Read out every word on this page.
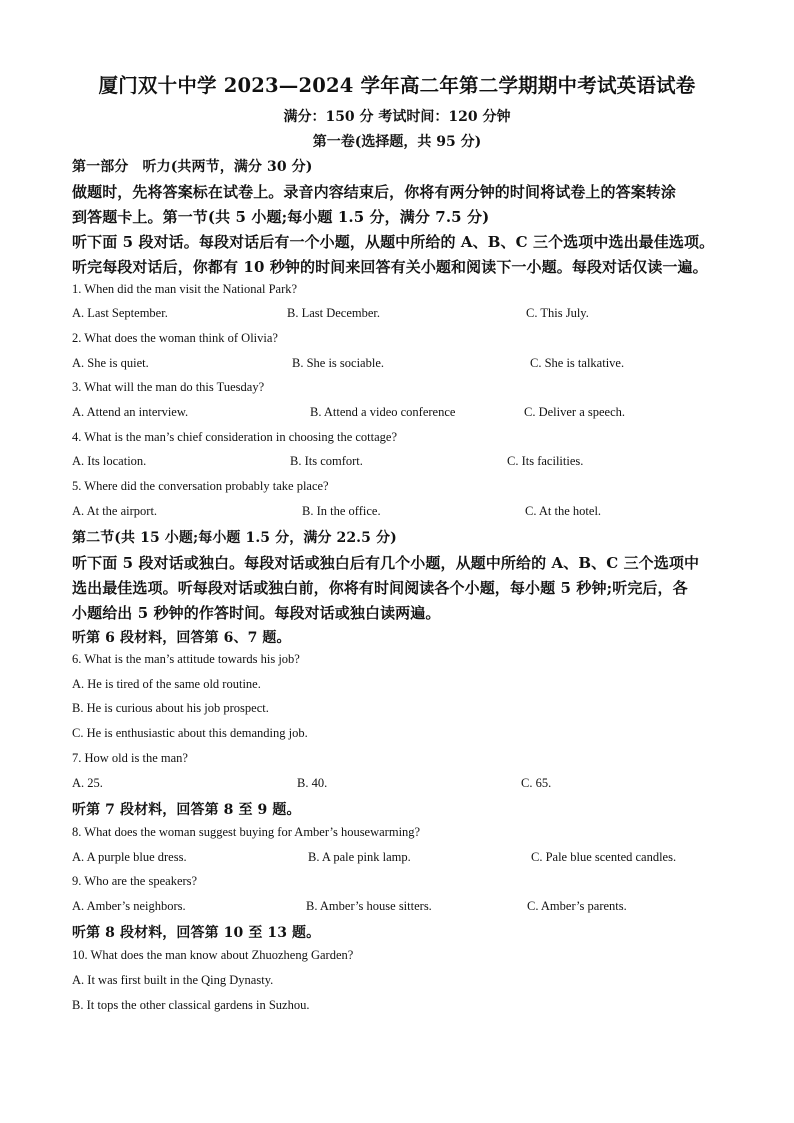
厦门双十中学 2023—2024 学年高二年第二学期期中考试英语试卷
满分：150 分 考试时间：120 分钟
第一卷(选择题，共 95 分)
第一部分　听力(共两节，满分 30 分)
做题时，先将答案标在试卷上。录音内容结束后，你将有两分钟的时间将试卷上的答案转涂
到答题卡上。第一节(共 5 小题;每小题 1.5 分，满分 7.5 分)
听下面 5 段对话。每段对话后有一个小题，从题中所给的 A、B、C 三个选项中选出最佳选项。
听完每段对话后，你都有 10 秒钟的时间来回答有关小题和阅读下一小题。每段对话仅读一遍。
1. When did the man visit the National Park?
A. Last September.	B. Last December.	C. This July.
2. What does the woman think of Olivia?
A. She is quiet.	B. She is sociable.	C. She is talkative.
3. What will the man do this Tuesday?
A. Attend an interview.	B. Attend a video conference	C. Deliver a speech.
4. What is the man’s chief consideration in choosing the cottage?
A. Its location.	B. Its comfort.	C. Its facilities.
5. Where did the conversation probably take place?
A. At the airport.	B. In the office.	C. At the hotel.
第二节(共 15 小题;每小题 1.5 分，满分 22.5 分)
听下面 5 段对话或独白。每段对话或独白后有几个小题，从题中所给的 A、B、C 三个选项中
选出最佳选项。听每段对话或独白前，你将有时间阅读各个小题，每小题 5 秒钟;听完后，各
小题给出 5 秒钟的作答时间。每段对话或独白读两遍。
听第 6 段材料，回答第 6、7 题。
6. What is the man’s attitude towards his job?
A. He is tired of the same old routine.
B. He is curious about his job prospect.
C. He is enthusiastic about this demanding job.
7. How old is the man?
A. 25.	B. 40.	C. 65.
听第 7 段材料，回答第 8 至 9 题。
8. What does the woman suggest buying for Amber’s housewarming?
A. A purple blue dress.	B. A pale pink lamp.	C. Pale blue scented candles.
9. Who are the speakers?
A. Amber’s neighbors.	B. Amber’s house sitters.	C. Amber’s parents.
听第 8 段材料，回答第 10 至 13 题。
10. What does the man know about Zhuozheng Garden?
A. It was first built in the Qing Dynasty.
B. It tops the other classical gardens in Suzhou.
